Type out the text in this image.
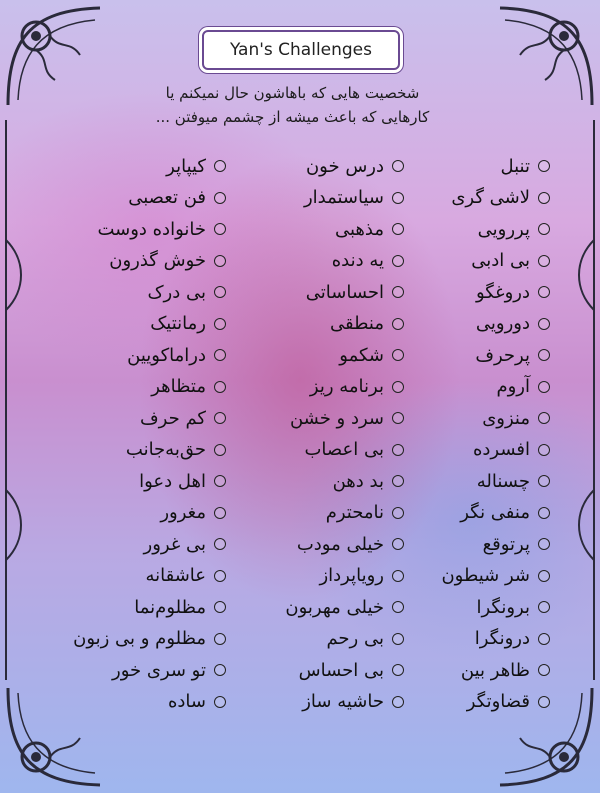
Yan's Challenges
شخصیت هایی که باهاشون حال نمیکنم یا
کارهایی که باعث میشه از چشمم میوفتن ...
تنبل
لاشی گری
پررویی
بی ادبی
دروغگو
دورویی
پرحرف
آروم
منزوی
افسرده
چسناله
منفی نگر
پرتوقع
شر شیطون
برونگرا
درونگرا
ظاهر بین
قضاوتگر
درس خون
سیاستمدار
مذهبی
یه دنده
احساساتی
منطقی
شکمو
برنامه ریز
سرد و خشن
بی اعصاب
بد دهن
نامحترم
خیلی مودب
رویاپرداز
خیلی مهربون
بی رحم
بی احساس
حاشیه ساز
کیپاپر
فن تعصبی
خانواده دوست
خوش گذرون
بی درک
رمانتیک
دراماکویین
متظاهر
کم حرف
حق‌به‌جانب
اهل دعوا
مغرور
بی غرور
عاشقانه
مظلوم‌نما
مظلوم و بی زبون
تو سری خور
ساده
